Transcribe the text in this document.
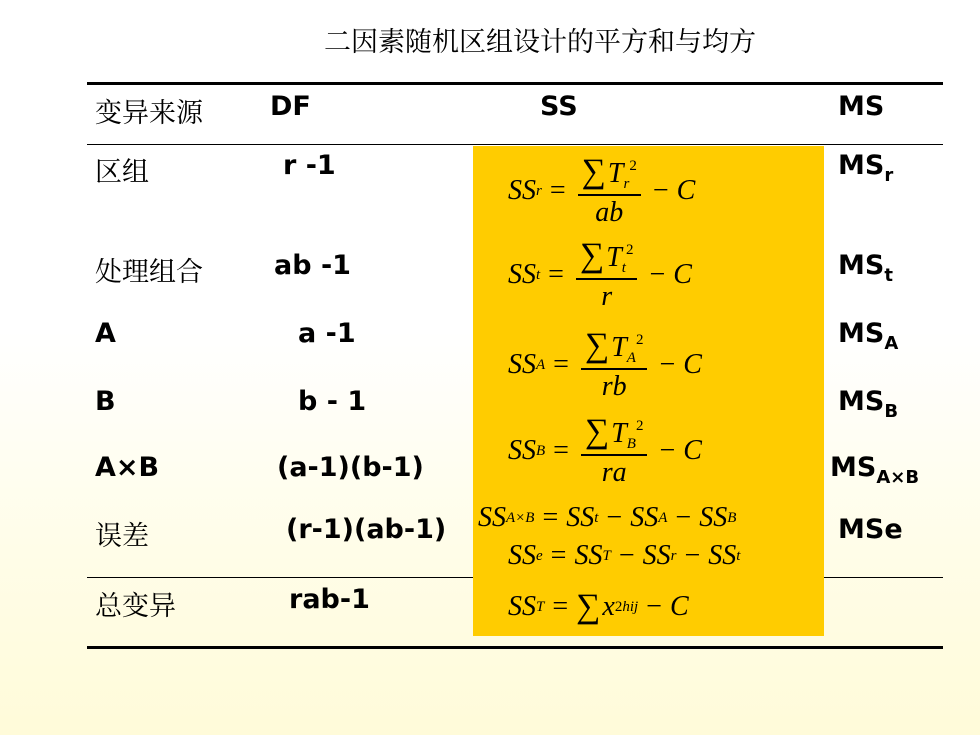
二因素随机区组设计的平方和与均方
变异来源 DF	SS	MS
区组
处理组合
A
B
A×B
误差
总变异
r -1
ab -1
a -1
b - 1
(a-1)(b-1)
(r-1)(ab-1)
rab-1
$MS_r$
$MS_t$
$MS_A$
$MS_B$
$MS_{A\times B}$
MSe
SS $r = \frac{\sum T_r^2}{ab} - C$
SS $t = \frac{\sum T_t^2}{r} - C$
SS $A = \frac{\sum T_A^2}{rb} - C$
SS $B = \frac{\sum T_B^2}{ra} - C$
SS A×B = SS t − SS A − SS B
SS e = SS T − SS r − SS t
SS T = ∑ x 2 hij − C
